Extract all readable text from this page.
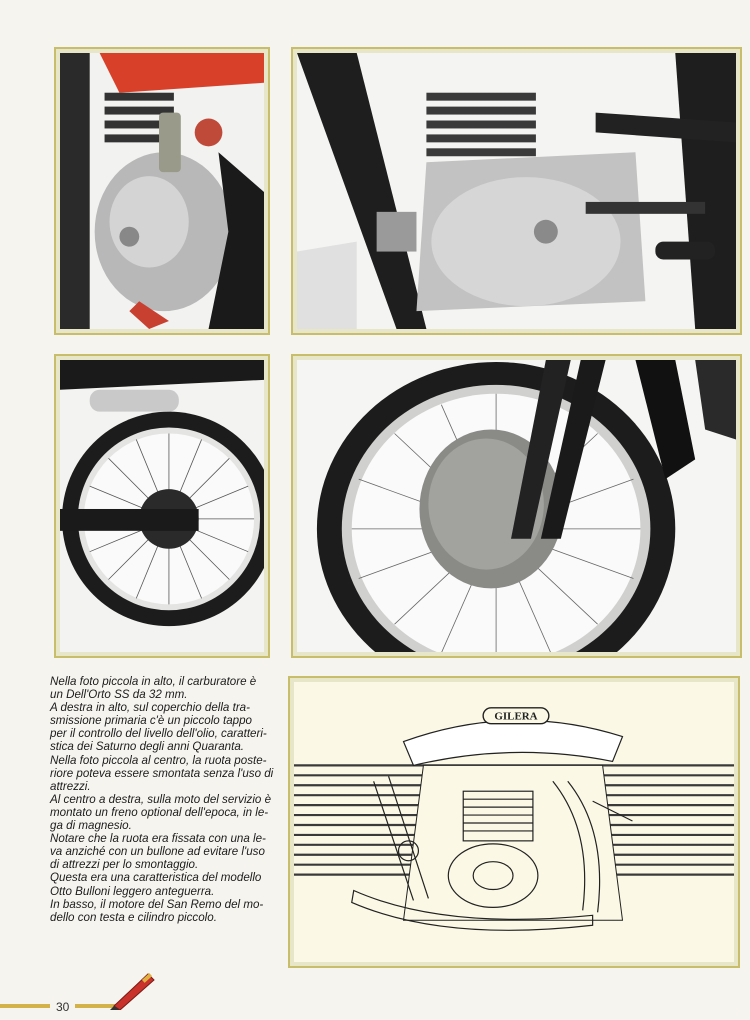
Nella foto piccola in alto, il carburatore è
un Dell'Orto SS da 32 mm.
A destra in alto, sul coperchio della tra-
smissione primaria c'è un piccolo tappo
per il controllo del livello dell'olio, caratteri-
stica dei Saturno degli anni Quaranta.
Nella foto piccola al centro, la ruota poste-
riore poteva essere smontata senza l'uso di
attrezzi.
Al centro a destra, sulla moto del servizio è
montato un freno optional dell'epoca, in le-
ga di magnesio.
Notare che la ruota era fissata con una le-
va anziché con un bullone ad evitare l'uso
di attrezzi per lo smontaggio.
Questa era una caratteristica del modello
Otto Bulloni leggero anteguerra.
In basso, il motore del San Remo del mo-
dello con testa e cilindro piccolo.

GILERA
30
